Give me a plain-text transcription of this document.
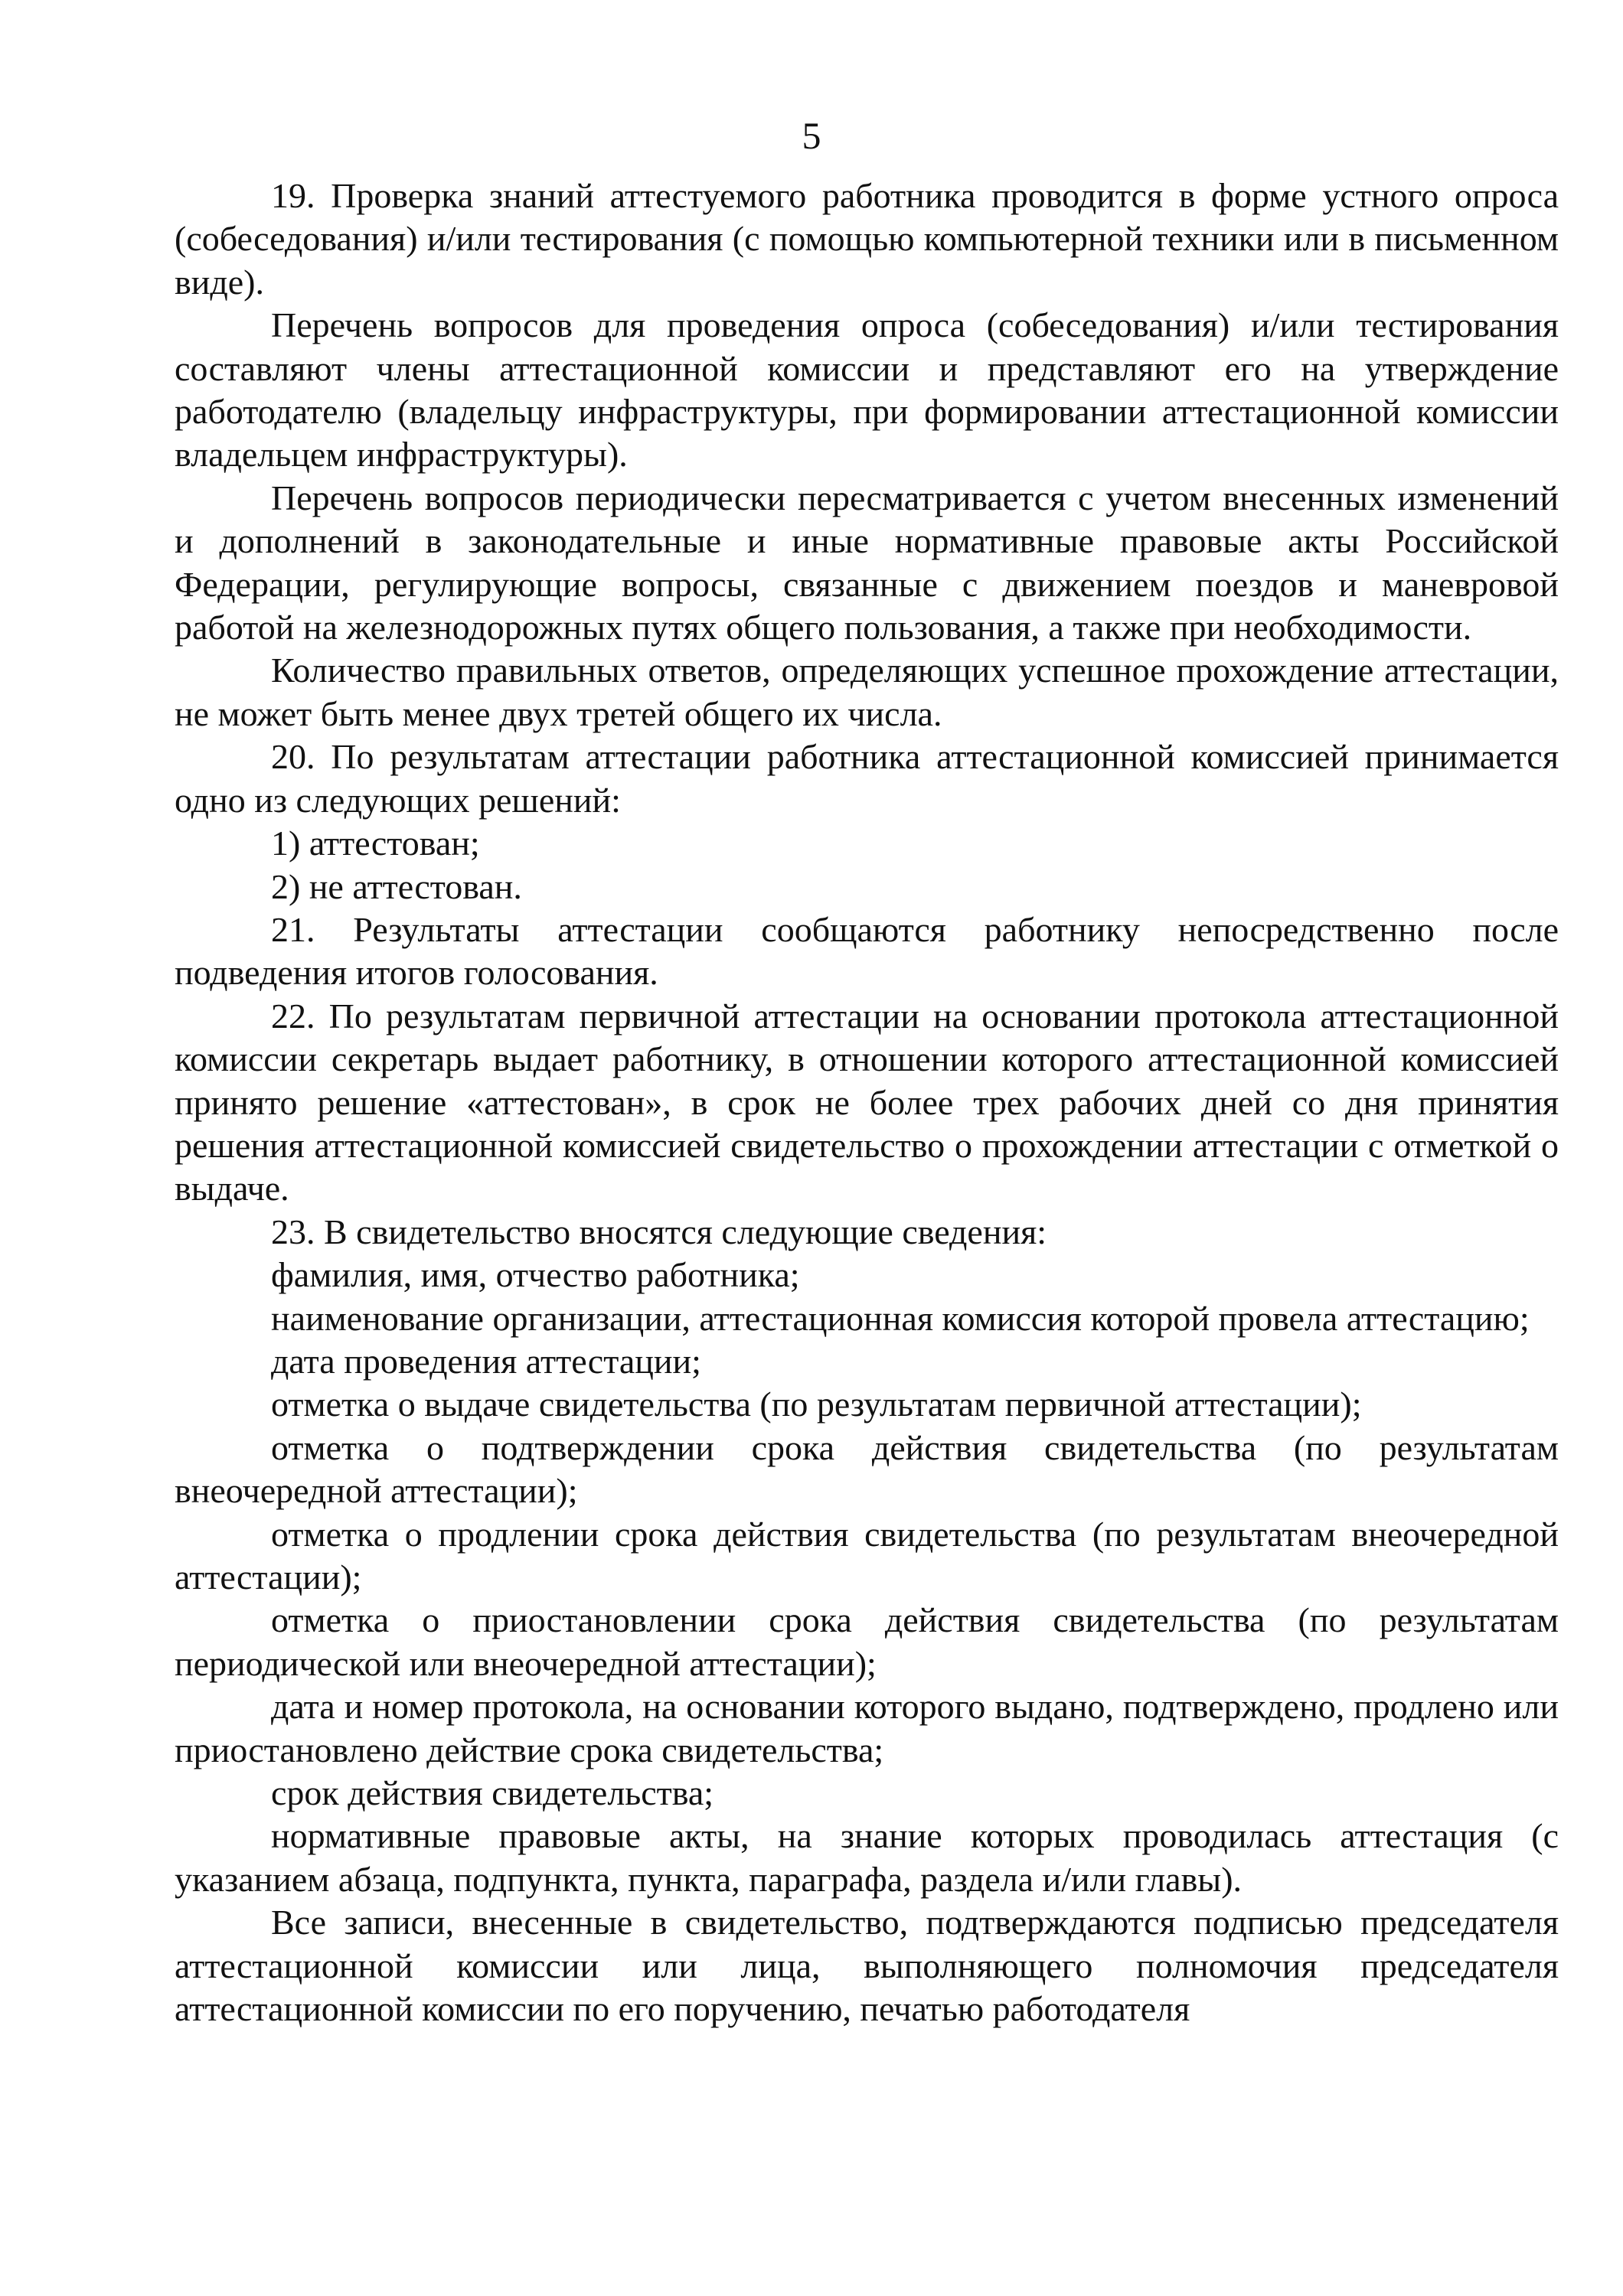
5

19. Проверка знаний аттестуемого работника проводится в форме устного опроса (собеседования) и/или тестирования (с помощью компьютерной техники или в письменном виде).

Перечень вопросов для проведения опроса (собеседования) и/или тестирования составляют члены аттестационной комиссии и представляют его на утверждение работодателю (владельцу инфраструктуры, при формировании аттестационной комиссии владельцем инфраструктуры).

Перечень вопросов периодически пересматривается с учетом внесенных изменений и дополнений в законодательные и иные нормативные правовые акты Российской Федерации, регулирующие вопросы, связанные с движением поездов и маневровой работой на железнодорожных путях общего пользования, а также при необходимости.

Количество правильных ответов, определяющих успешное прохождение аттестации, не может быть менее двух третей общего их числа.

20. По результатам аттестации работника аттестационной комиссией принимается одно из следующих решений:

1) аттестован;

2) не аттестован.

21. Результаты аттестации сообщаются работнику непосредственно после подведения итогов голосования.

22. По результатам первичной аттестации на основании протокола аттестационной комиссии секретарь выдает работнику, в отношении которого аттестационной комиссией принято решение «аттестован», в срок не более трех рабочих дней со дня принятия решения аттестационной комиссией свидетельство о прохождении аттестации с отметкой о выдаче.

23. В свидетельство вносятся следующие сведения:

фамилия, имя, отчество работника;

наименование организации, аттестационная комиссия которой провела аттестацию;

дата проведения аттестации;

отметка о выдаче свидетельства (по результатам первичной аттестации);

отметка о подтверждении срока действия свидетельства (по результатам внеочередной аттестации);

отметка о продлении срока действия свидетельства (по результатам внеочередной аттестации);

отметка о приостановлении срока действия свидетельства (по результатам периодической или внеочередной аттестации);

дата и номер протокола, на основании которого выдано, подтверждено, продлено или приостановлено действие срока свидетельства;

срок действия свидетельства;

нормативные правовые акты, на знание которых проводилась аттестация (с указанием абзаца, подпункта, пункта, параграфа, раздела и/или главы).

Все записи, внесенные в свидетельство, подтверждаются подписью председателя аттестационной комиссии или лица, выполняющего полномочия председателя аттестационной комиссии по его поручению, печатью работодателя
